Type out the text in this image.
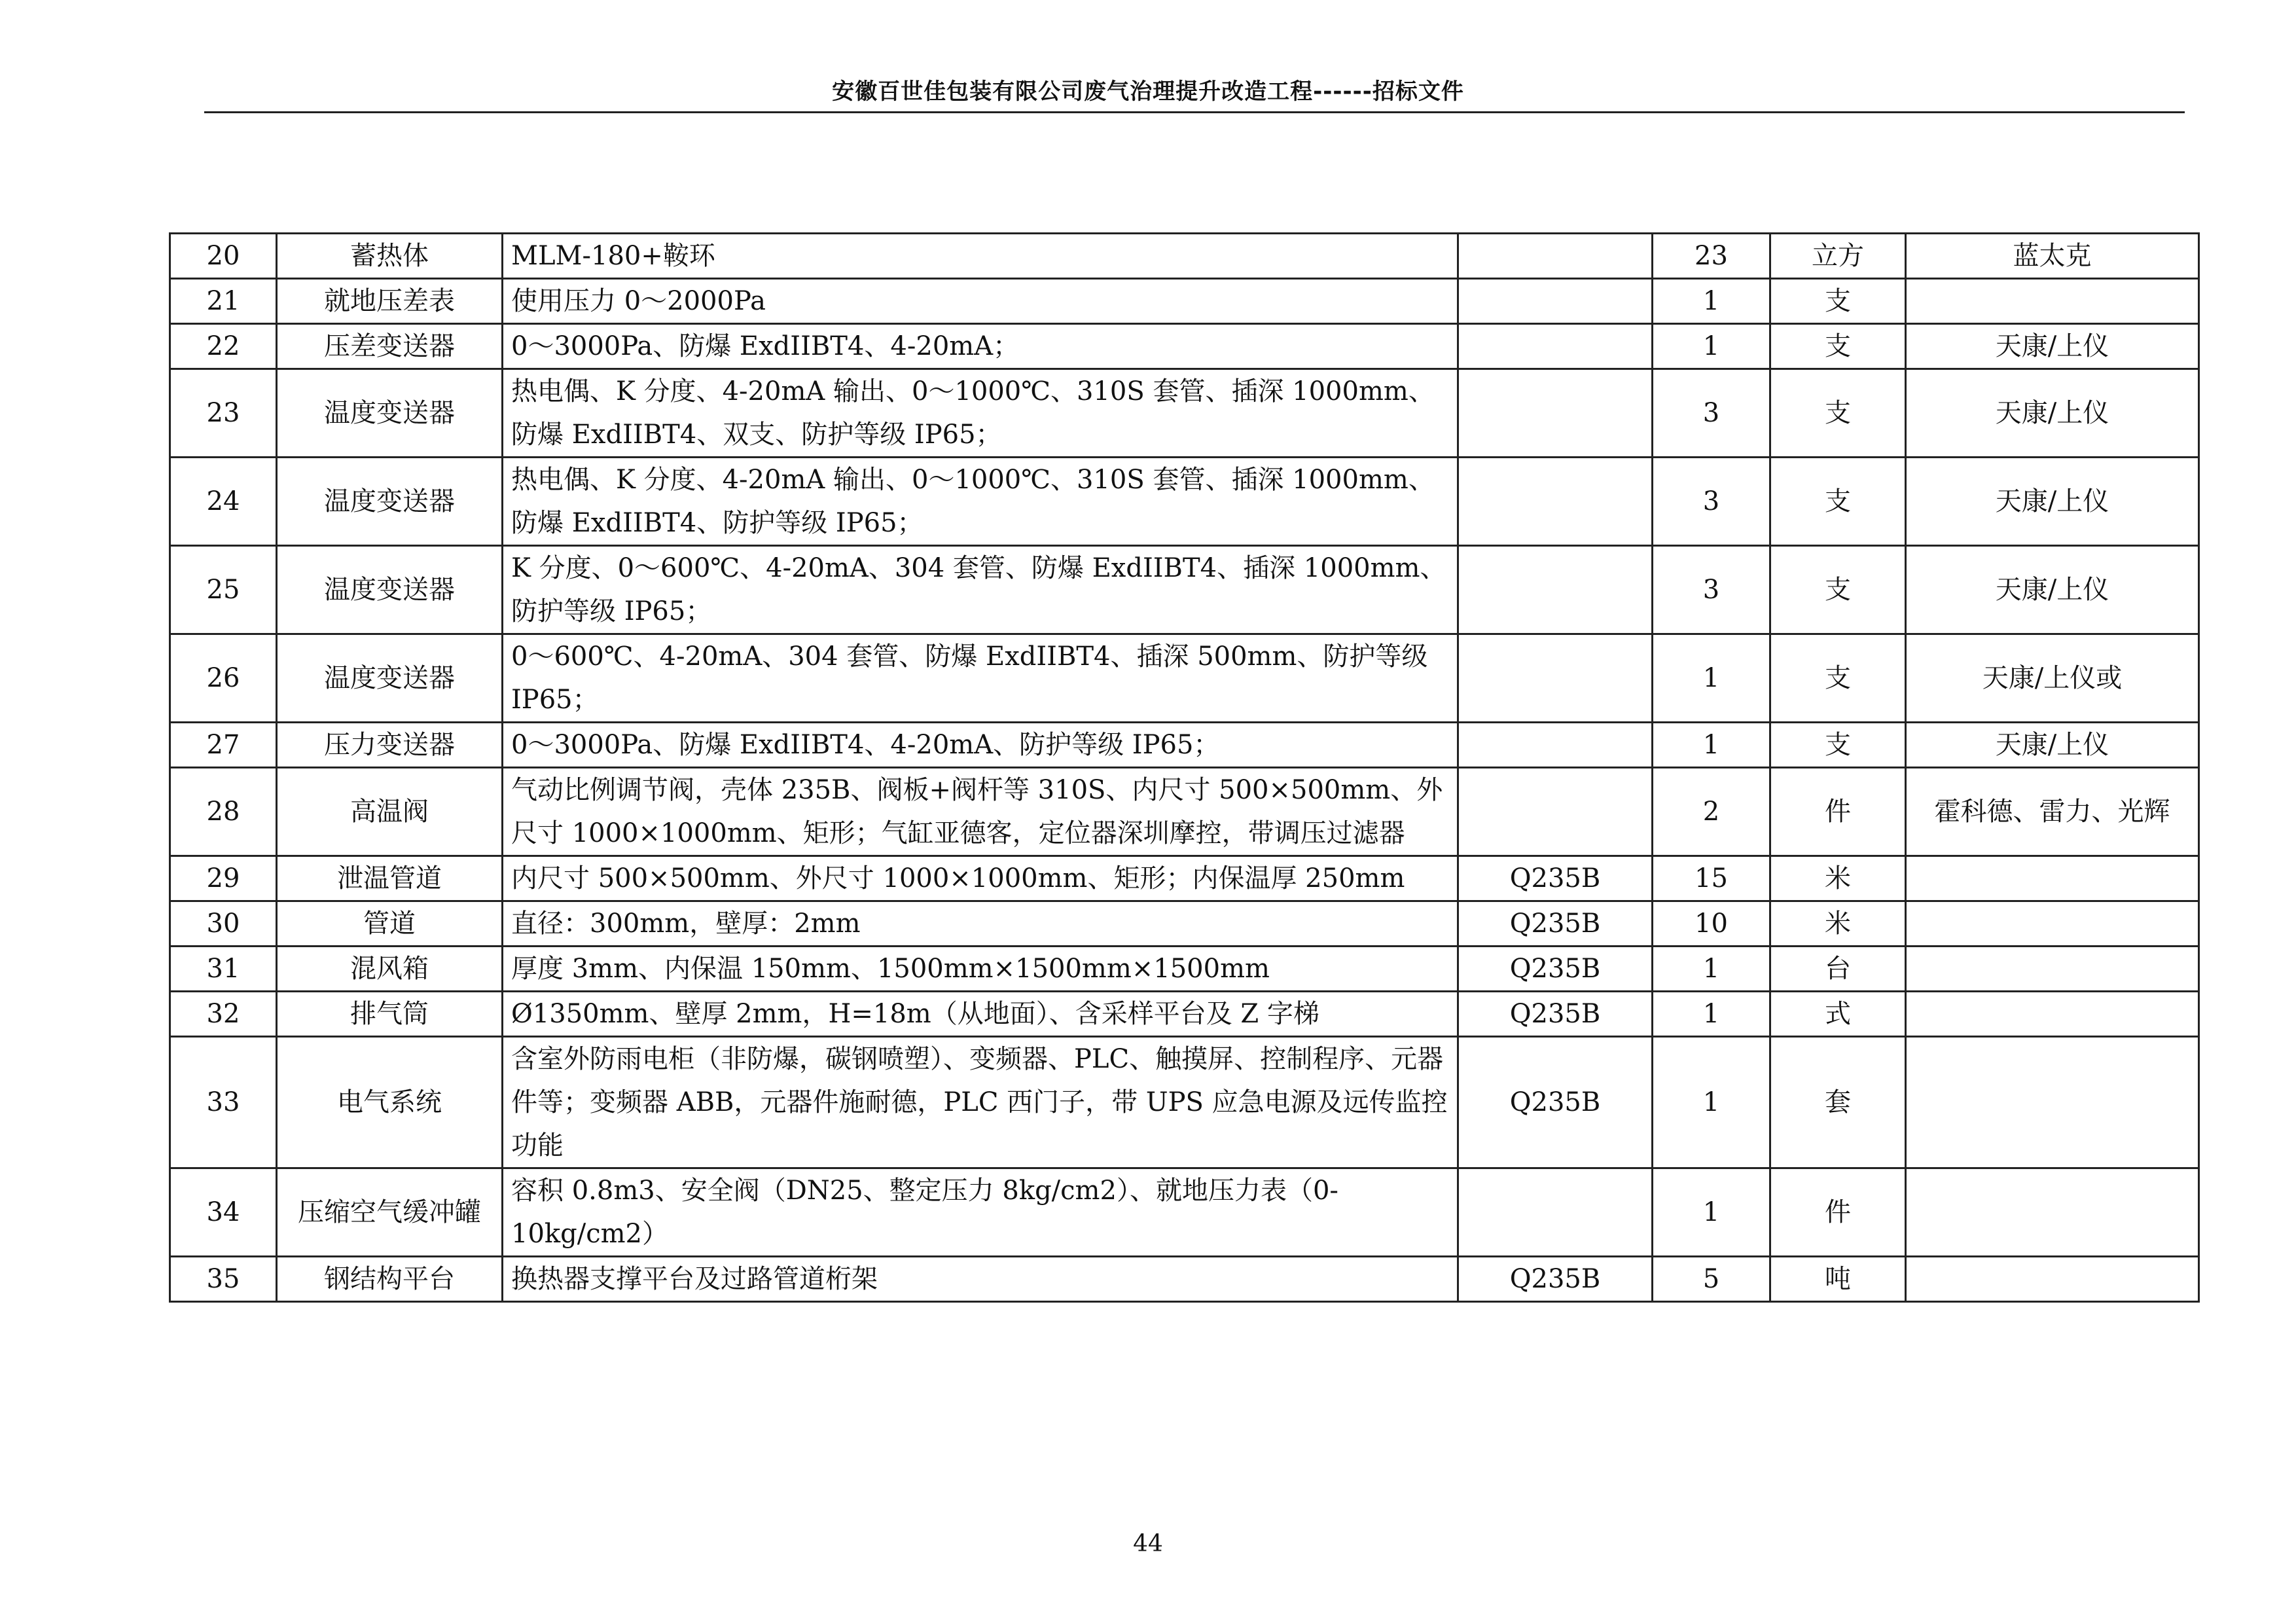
安徽百世佳包装有限公司废气治理提升改造工程------招标文件
20	蓄热体	MLM-180+鞍环		23	立方	蓝太克
21	就地压差表	使用压力 0～2000Pa		1	支	
22	压差变送器	0～3000Pa、防爆 ExdIIBT4、4-20mA；		1	支	天康/上仪
23	温度变送器	热电偶、K 分度、4-20mA 输出、0～1000℃、310S 套管、插深 1000mm、防爆 ExdIIBT4、双支、防护等级 IP65；		3	支	天康/上仪
24	温度变送器	热电偶、K 分度、4-20mA 输出、0～1000℃、310S 套管、插深 1000mm、防爆 ExdIIBT4、防护等级 IP65；		3	支	天康/上仪
25	温度变送器	K 分度、0～600℃、4-20mA、304 套管、防爆 ExdIIBT4、插深 1000mm、防护等级 IP65；		3	支	天康/上仪
26	温度变送器	0～600℃、4-20mA、304 套管、防爆 ExdIIBT4、插深 500mm、防护等级 IP65；		1	支	天康/上仪或
27	压力变送器	0～3000Pa、防爆 ExdIIBT4、4-20mA、防护等级 IP65；		1	支	天康/上仪
28	高温阀	气动比例调节阀，壳体 235B、阀板+阀杆等 310S、内尺寸 500×500mm、外尺寸 1000×1000mm、矩形；气缸亚德客，定位器深圳摩控，带调压过滤器		2	件	霍科德、雷力、光辉
29	泄温管道	内尺寸 500×500mm、外尺寸 1000×1000mm、矩形；内保温厚 250mm	Q235B	15	米	
30	管道	直径：300mm，壁厚：2mm	Q235B	10	米	
31	混风箱	厚度 3mm、内保温 150mm、1500mm×1500mm×1500mm	Q235B	1	台	
32	排气筒	Ø1350mm、壁厚 2mm，H=18m（从地面）、含采样平台及 Z 字梯	Q235B	1	式	
33	电气系统	含室外防雨电柜（非防爆，碳钢喷塑）、变频器、PLC、触摸屏、控制程序、元器件等；变频器 ABB，元器件施耐德，PLC 西门子，带 UPS 应急电源及远传监控功能	Q235B	1	套	
34	压缩空气缓冲罐	容积 0.8m3、安全阀（DN25、整定压力 8kg/cm2）、就地压力表（0-10kg/cm2）		1	件	
35	钢结构平台	换热器支撑平台及过路管道桁架	Q235B	5	吨	
44
